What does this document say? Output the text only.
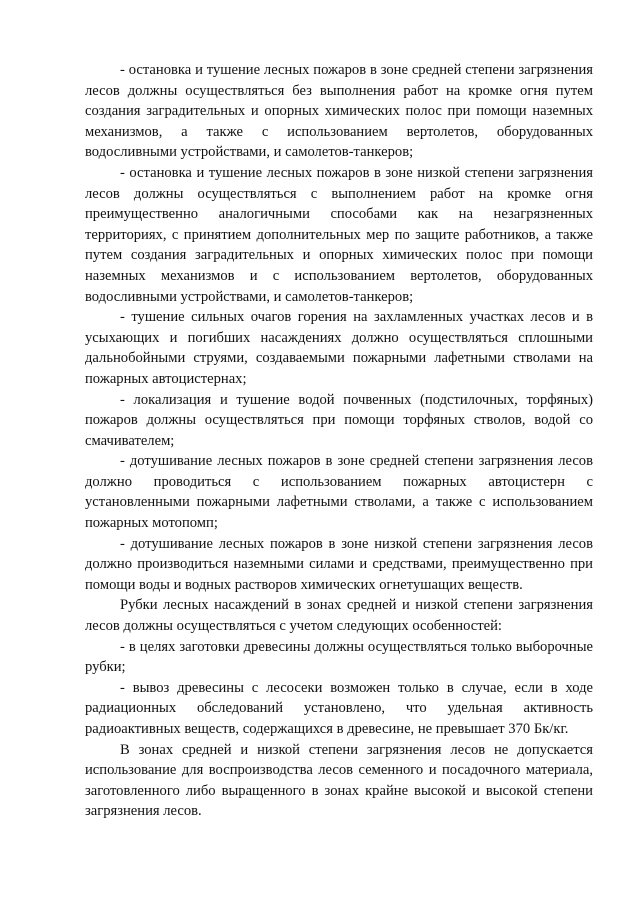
- остановка и тушение лесных пожаров в зоне средней степени загрязнения лесов должны осуществляться без выполнения работ на кромке огня путем создания заградительных и опорных химических полос при помощи наземных механизмов, а также с использованием вертолетов, оборудованных водосливными устройствами, и самолетов-танкеров;

- остановка и тушение лесных пожаров в зоне низкой степени загрязнения лесов должны осуществляться с выполнением работ на кромке огня преимущественно аналогичными способами как на незагрязненных территориях, с принятием дополнительных мер по защите работников, а также путем создания заградительных и опорных химических полос при помощи наземных механизмов и с использованием вертолетов, оборудованных водосливными устройствами, и самолетов-танкеров;

- тушение сильных очагов горения на захламленных участках лесов и в усыхающих и погибших насаждениях должно осуществляться сплошными дальнобойными струями, создаваемыми пожарными лафетными стволами на пожарных автоцистернах;

- локализация и тушение водой почвенных (подстилочных, торфяных) пожаров должны осуществляться при помощи торфяных стволов, водой со смачивателем;

- дотушивание лесных пожаров в зоне средней степени загрязнения лесов должно проводиться с использованием пожарных автоцистерн с установленными пожарными лафетными стволами, а также с использованием пожарных мотопомп;

- дотушивание лесных пожаров в зоне низкой степени загрязнения лесов должно производиться наземными силами и средствами, преимущественно при помощи воды и водных растворов химических огнетушащих веществ.

Рубки лесных насаждений в зонах средней и низкой степени загрязнения лесов должны осуществляться с учетом следующих особенностей:

- в целях заготовки древесины должны осуществляться только выборочные рубки;

- вывоз древесины с лесосеки возможен только в случае, если в ходе радиационных обследований установлено, что удельная активность радиоактивных веществ, содержащихся в древесине, не превышает 370 Бк/кг.

В зонах средней и низкой степени загрязнения лесов не допускается использование для воспроизводства лесов семенного и посадочного материала, заготовленного либо выращенного в зонах крайне высокой и высокой степени загрязнения лесов.
